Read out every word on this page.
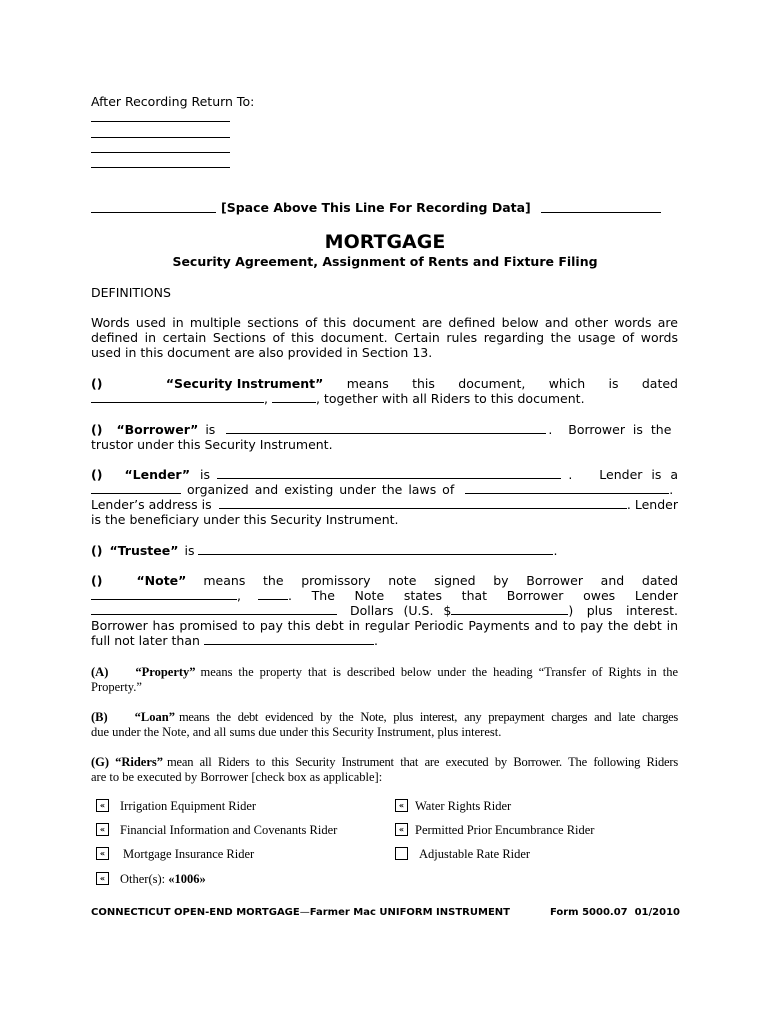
After Recording Return To:
[Space Above This Line For Recording Data]
MORTGAGE
Security Agreement, Assignment of Rents and Fixture Filing
DEFINITIONS
Words used in multiple sections of this document are defined below and other words are
defined in certain Sections of this document. Certain rules regarding the usage of words
used in this document are also provided in Section 13.
()	“Security Instrument” means this document, which is dated
,	, together with all Riders to this document.
() “Borrower” is	.  Borrower is the
trustor under this Security Instrument.
() “Lender” is	.   Lender is a
organized and existing under the laws of	.
Lender’s address is	. Lender
is the beneficiary under this Security Instrument.
() “Trustee” is	.
()	“Note” means the promissory note signed by Borrower and dated
,	. The Note states that Borrower owes Lender
Dollars (U.S. $	) plus interest.
Borrower has promised to pay this debt in regular Periodic Payments and to pay the debt in
full not later than	.
(A) “Property” means the property that is described below under the heading “Transfer of Rights in the
Property.”
(B) “Loan” means the debt evidenced by the Note, plus interest, any prepayment charges and late charges
due under the Note, and all sums due under this Security Instrument, plus interest.
(G) “Riders” mean all Riders to this Security Instrument that are executed by Borrower. The following Riders
are to be executed by Borrower [check box as applicable]:
«	Irrigation Equipment Rider	« Water Rights Rider
«	Financial Information and Covenants Rider	« Permitted Prior Encumbrance Rider
«	Mortgage Insurance Rider	Adjustable Rate Rider
«	Other(s): «1006»
CONNECTICUT OPEN-END MORTGAGE—Farmer Mac UNIFORM INSTRUMENT	Form 5000.07  01/2010
